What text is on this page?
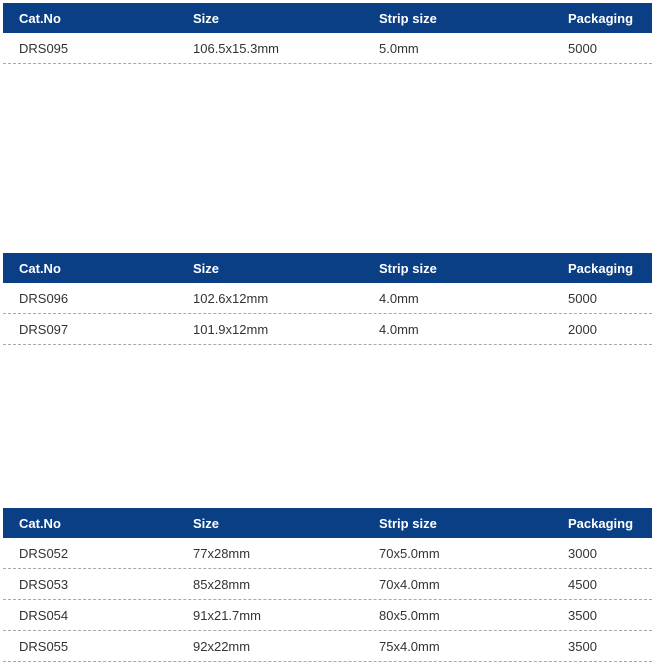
Cat.No	Size	Strip size	Packaging
DRS095	106.5x15.3mm	5.0mm	5000
Cat.No	Size	Strip size	Packaging
DRS096	102.6x12mm	4.0mm	5000
DRS097	101.9x12mm	4.0mm	2000
Cat.No	Size	Strip size	Packaging
DRS052	77x28mm	70x5.0mm	3000
DRS053	85x28mm	70x4.0mm	4500
DRS054	91x21.7mm	80x5.0mm	3500
DRS055	92x22mm	75x4.0mm	3500
